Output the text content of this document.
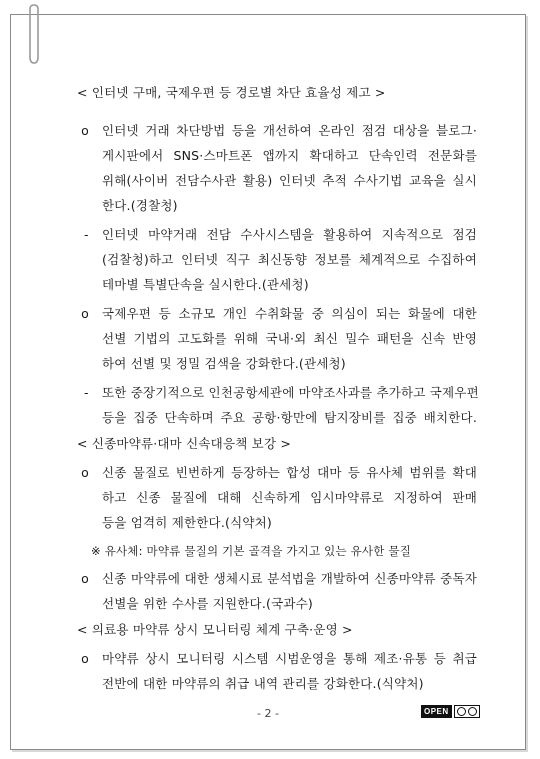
< 인터넷 구매, 국제우편 등 경로별 차단 효율성 제고 >
o	인터넷 거래 차단방법 등을 개선하여 온라인 점검 대상을 블로그·
게시판에서 SNS·스마트폰 앱까지 확대하고 단속인력 전문화를
위해(사이버 전담수사관 활용) 인터넷 추적 수사기법 교육을 실시
한다.(경찰청)
- 인터넷 마약거래 전담 수사시스템을 활용하여 지속적으로 점검
(검찰청)하고 인터넷 직구 최신동향 정보를 체계적으로 수집하여
테마별 특별단속을 실시한다.(관세청)
o	국제우편 등 소규모 개인 수취화물 중 의심이 되는 화물에 대한
선별 기법의 고도화를 위해 국내·외 최신 밀수 패턴을 신속 반영
하여 선별 및 정밀 검색을 강화한다.(관세청)
- 또한 중장기적으로 인천공항세관에 마약조사과를 추가하고 국제우편
등을 집중 단속하며 주요 공항·항만에 탐지장비를 집중 배치한다.
< 신종마약류·대마 신속대응책 보강 >
o	신종 물질로 빈번하게 등장하는 합성 대마 등 유사체 범위를 확대
하고 신종 물질에 대해 신속하게 임시마약류로 지정하여 판매
등을 엄격히 제한한다.(식약처)
※ 유사체: 마약류 물질의 기본 골격을 가지고 있는 유사한 물질
o	신종 마약류에 대한 생체시료 분석법을 개발하여 신종마약류 중독자
선별을 위한 수사를 지원한다.(국과수)
< 의료용 마약류 상시 모니터링 체계 구축·운영 >
o	마약류 상시 모니터링 시스템 시범운영을 통해 제조·유통 등 취급
전반에 대한 마약류의 취급 내역 관리를 강화한다.(식약처)
- 2 -	OPEN
